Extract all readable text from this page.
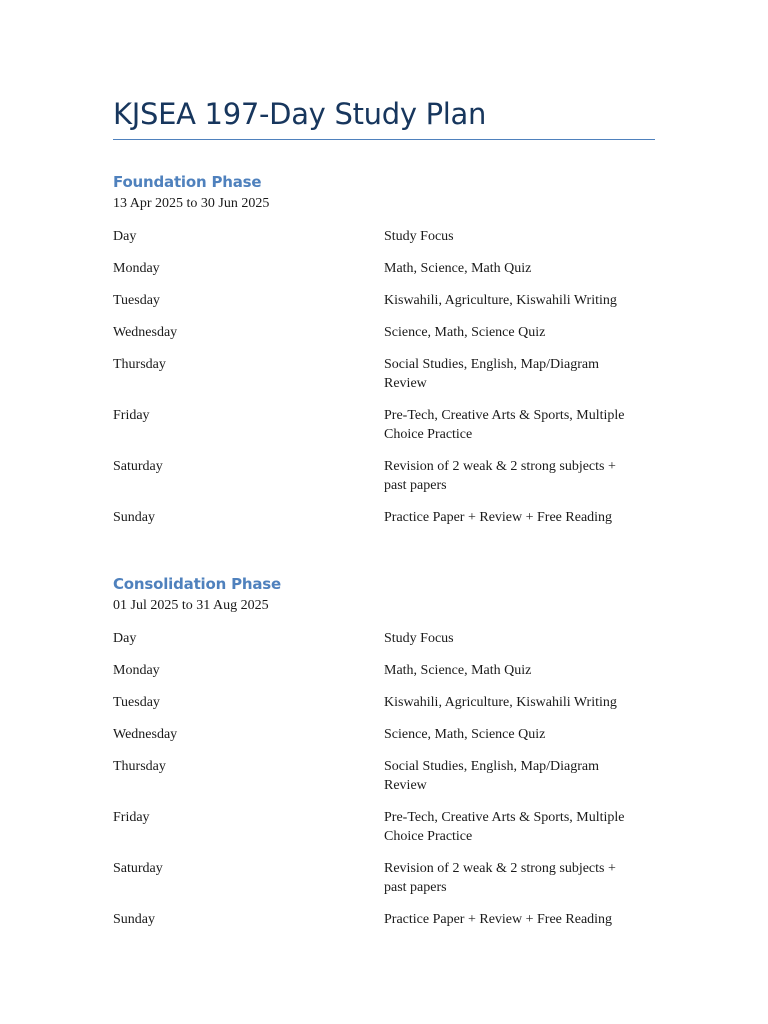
KJSEA 197-Day Study Plan
Foundation Phase
13 Apr 2025 to 30 Jun 2025
Day	Study Focus
Monday	Math, Science, Math Quiz
Tuesday	Kiswahili, Agriculture, Kiswahili Writing
Wednesday	Science, Math, Science Quiz
Thursday	Social Studies, English, Map/Diagram Review
Friday	Pre-Tech, Creative Arts & Sports, Multiple Choice Practice
Saturday	Revision of 2 weak & 2 strong subjects + past papers
Sunday	Practice Paper + Review + Free Reading
Consolidation Phase
01 Jul 2025 to 31 Aug 2025
Day	Study Focus
Monday	Math, Science, Math Quiz
Tuesday	Kiswahili, Agriculture, Kiswahili Writing
Wednesday	Science, Math, Science Quiz
Thursday	Social Studies, English, Map/Diagram Review
Friday	Pre-Tech, Creative Arts & Sports, Multiple Choice Practice
Saturday	Revision of 2 weak & 2 strong subjects + past papers
Sunday	Practice Paper + Review + Free Reading
